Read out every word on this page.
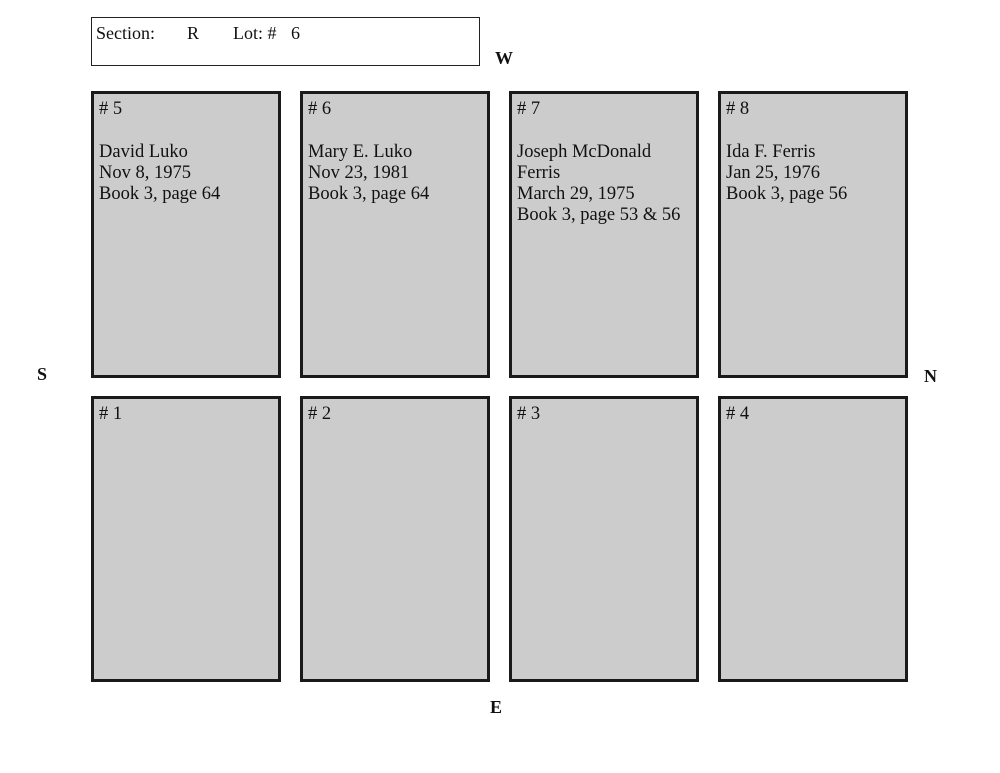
Section: R Lot: # 6
W
E
S	N
# 5
David Luko
Nov 8, 1975
Book 3, page 64
# 6
Mary E. Luko
Nov 23, 1981
Book 3, page 64
# 7
Joseph McDonald
Ferris
March 29, 1975
Book 3, page 53 & 56
# 8
Ida F. Ferris
Jan 25, 1976
Book 3, page 56
# 1	# 2	# 3	# 4
